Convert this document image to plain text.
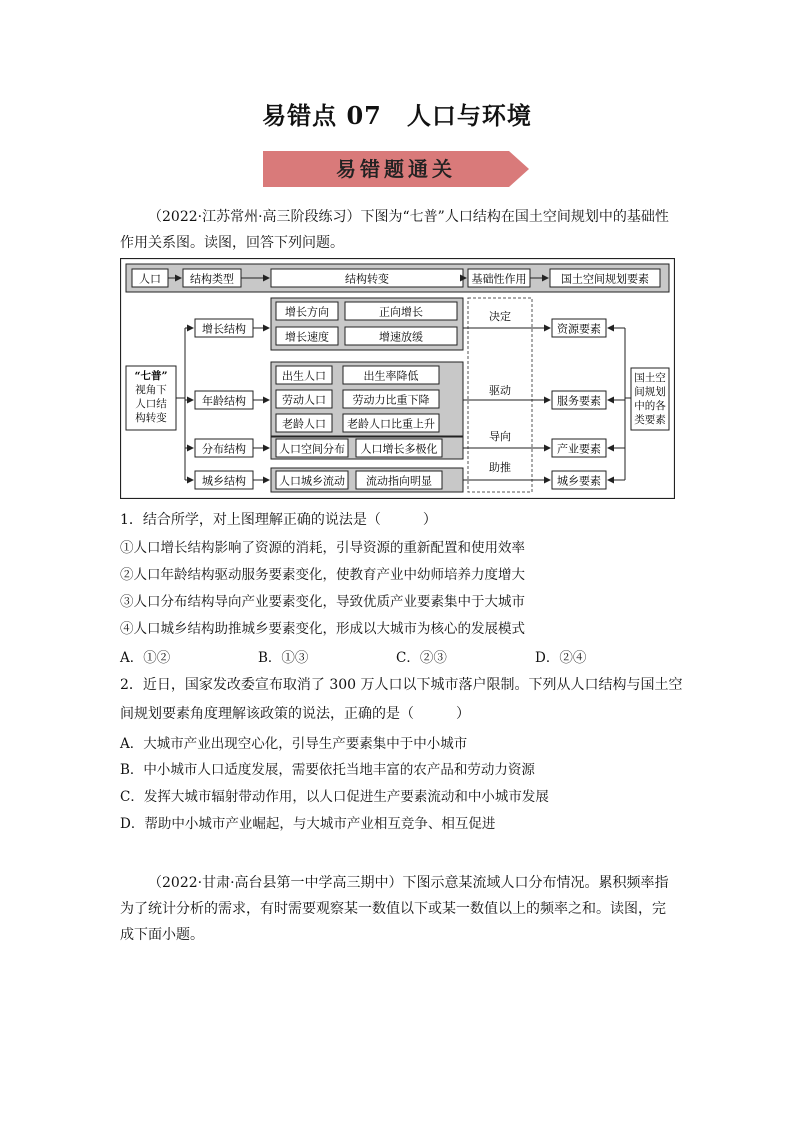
易错点 07　人口与环境
易错题通关
（2022·江苏常州·高三阶段练习）下图为“七普”人口结构在国土空间规划中的基础性作用关系图。读图，回答下列问题。
人口	结构类型	结构转变	基础性作用	国土空间规划要素
“七普”
视角下
人口结
构转变
增长结构
年龄结构
分布结构
城乡结构
增长方向	正向增长
增长速度	增速放缓
出生人口	出生率降低
劳动人口 劳动力比重下降
老龄人口 老龄人口比重上升
人口空间分布 人口增长多极化
人口城乡流动 流动指向明显
决定
驱动
导向
助推
资源要素
服务要素
产业要素
城乡要素
国土空
间规划
中的各
类要素
1．结合所学，对上图理解正确的说法是（　　　）
①人口增长结构影响了资源的消耗，引导资源的重新配置和使用效率
②人口年龄结构驱动服务要素变化，使教育产业中幼师培养力度增大
③人口分布结构导向产业要素变化，导致优质产业要素集中于大城市
④人口城乡结构助推城乡要素变化，形成以大城市为核心的发展模式
A．①②	B．①③	C．②③	D．②④
2．近日，国家发改委宣布取消了 300 万人口以下城市落户限制。下列从人口结构与国土空
间规划要素角度理解该政策的说法，正确的是（　　　）
A．大城市产业出现空心化，引导生产要素集中于中小城市
B．中小城市人口适度发展，需要依托当地丰富的农产品和劳动力资源
C．发挥大城市辐射带动作用，以人口促进生产要素流动和中小城市发展
D．帮助中小城市产业崛起，与大城市产业相互竞争、相互促进
（2022·甘肃·高台县第一中学高三期中）下图示意某流域人口分布情况。累积频率指为了统计分析的需求，有时需要观察某一数值以下或某一数值以上的频率之和。读图，完成下面小题。
